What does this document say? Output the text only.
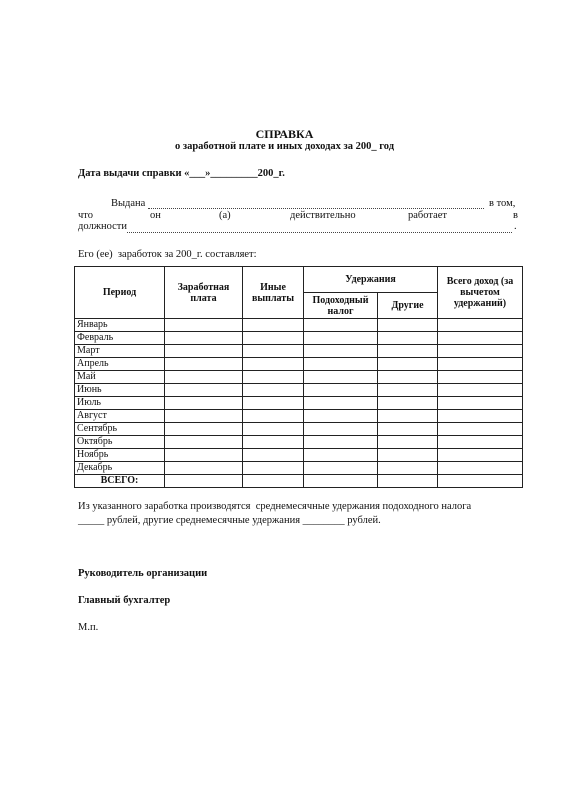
СПРАВКА
о заработной плате и иных доходах за 200_ год
Дата выдачи справки «___»_________200_г.
Выдана	в том,
что	он	(а)	действительно	работает	в
должности	.
Его (ее)  заработок за 200_г. составляет:
Период	Заработная плата	Иные выплаты	Удержания		Всего доход (за вычетом удержаний)
			Подоходный налог	Другие	
Январь					
Февраль					
Март					
Апрель					
Май					
Июнь					
Июль					
Август					
Сентябрь					
Октябрь					
Ноябрь					
Декабрь					
ВСЕГО:					
Из указанного заработка производятся  среднемесячные удержания подоходного налога
_____ рублей, другие среднемесячные удержания ________ рублей.
Руководитель организации
Главный бухгалтер
М.п.
